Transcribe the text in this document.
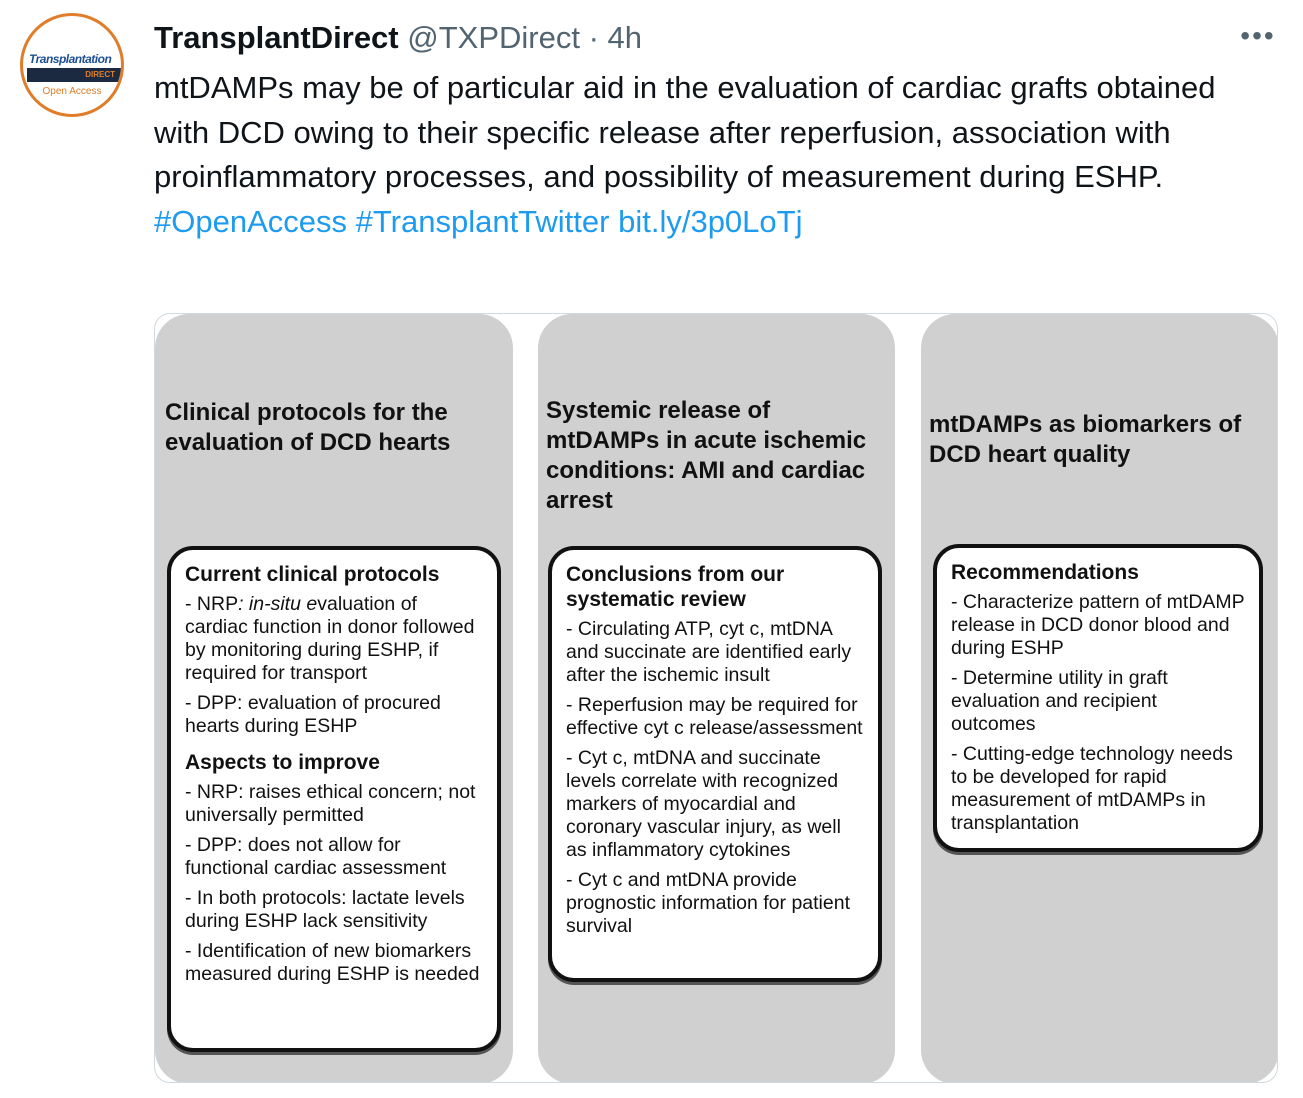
Transplantation
DIRECT
Open Access
TransplantDirect @TXPDirect · 4h	•••
mtDAMPs may be of particular aid in the evaluation of cardiac grafts obtained with DCD owing to their specific release after reperfusion, association with proinflammatory processes, and possibility of measurement during ESHP. #OpenAccess #TransplantTwitter bit.ly/3p0LoTj
Clinical protocols for the evaluation of DCD hearts
Current clinical protocols

- NRP: in-situ evaluation of cardiac function in donor followed by monitoring during ESHP, if required for transport

- DPP: evaluation of procured hearts during ESHP

Aspects to improve

- NRP: raises ethical concern; not universally permitted

- DPP: does not allow for functional cardiac assessment

- In both protocols: lactate levels during ESHP lack sensitivity

- Identification of new biomarkers measured during ESHP is needed

Systemic release of mtDAMPs in acute ischemic conditions: AMI and cardiac arrest
Conclusions from our systematic review

- Circulating ATP, cyt c, mtDNA and succinate are identified early after the ischemic insult

- Reperfusion may be required for effective cyt c release/assessment

- Cyt c, mtDNA and succinate levels correlate with recognized markers of myocardial and coronary vascular injury, as well as inflammatory cytokines

- Cyt c and mtDNA provide prognostic information for patient survival

mtDAMPs as biomarkers of DCD heart quality
Recommendations

- Characterize pattern of mtDAMP release in DCD donor blood and during ESHP

- Determine utility in graft evaluation and recipient outcomes

- Cutting-edge technology needs to be developed for rapid measurement of mtDAMPs in transplantation
